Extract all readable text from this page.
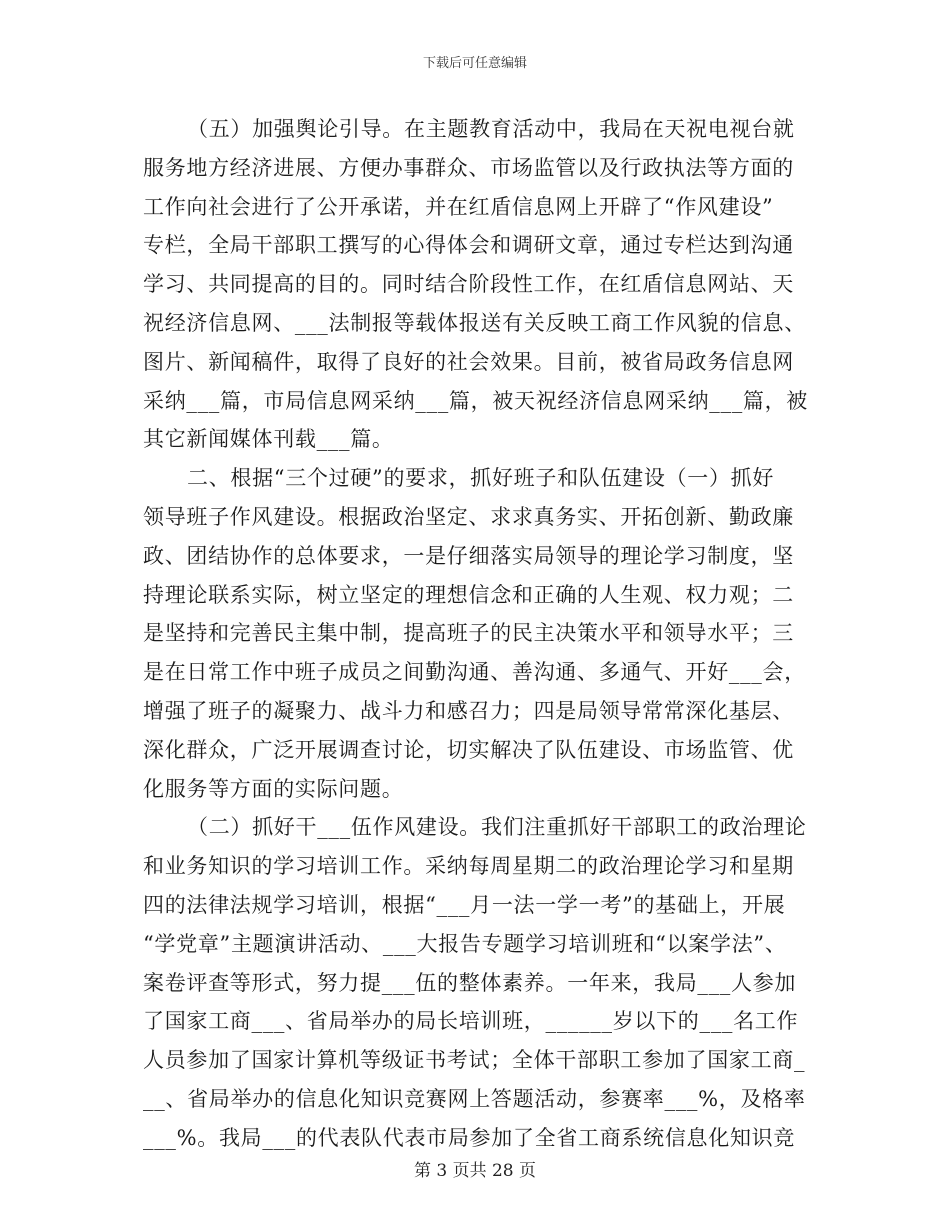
下载后可任意编辑
（五）加强舆论引导。在主题教育活动中，我局在天祝电视台就
服务地方经济进展、方便办事群众、市场监管以及行政执法等方面的
工作向社会进行了公开承诺，并在红盾信息网上开辟了“作风建设”
专栏，全局干部职工撰写的心得体会和调研文章，通过专栏达到沟通
学习、共同提高的目的。同时结合阶段性工作，在红盾信息网站、天
祝经济信息网、___法制报等载体报送有关反映工商工作风貌的信息、
图片、新闻稿件，取得了良好的社会效果。目前，被省局政务信息网
采纳___篇，市局信息网采纳___篇，被天祝经济信息网采纳___篇，被
其它新闻媒体刊载___篇。
二、根据“三个过硬”的要求，抓好班子和队伍建设（一）抓好
领导班子作风建设。根据政治坚定、求求真务实、开拓创新、勤政廉
政、团结协作的总体要求，一是仔细落实局领导的理论学习制度，坚
持理论联系实际，树立坚定的理想信念和正确的人生观、权力观；二
是坚持和完善民主集中制，提高班子的民主决策水平和领导水平；三
是在日常工作中班子成员之间勤沟通、善沟通、多通气、开好___会，
增强了班子的凝聚力、战斗力和感召力；四是局领导常常深化基层、
深化群众，广泛开展调查讨论，切实解决了队伍建设、市场监管、优
化服务等方面的实际问题。
（二）抓好干___伍作风建设。我们注重抓好干部职工的政治理论
和业务知识的学习培训工作。采纳每周星期二的政治理论学习和星期
四的法律法规学习培训，根据“___月一法一学一考”的基础上，开展
“学党章”主题演讲活动、___大报告专题学习培训班和“以案学法”、
案卷评查等形式，努力提___伍的整体素养。一年来，我局___人参加
了国家工商___、省局举办的局长培训班，______岁以下的___名工作
人员参加了国家计算机等级证书考试；全体干部职工参加了国家工商_
__、省局举办的信息化知识竞赛网上答题活动，参赛率___%，及格率
___%。我局___的代表队代表市局参加了全省工商系统信息化知识竞
第 3 页共 28 页
